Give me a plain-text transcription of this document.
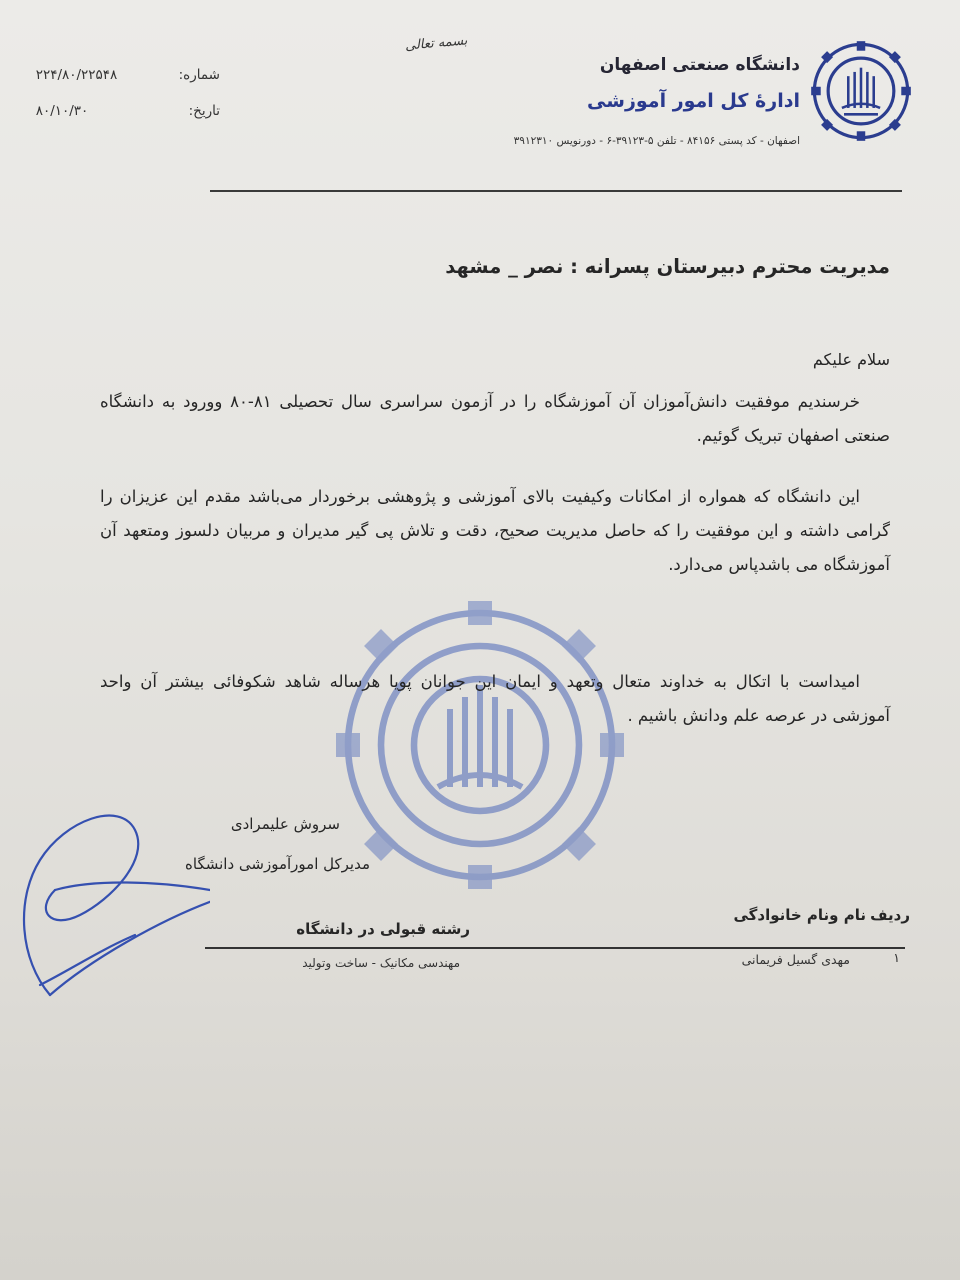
بسمه تعالی
دانشگاه صنعتی اصفهان
ادارهٔ کل امور آموزشی
اصفهان - کد پستی ۸۴۱۵۶ - تلفن ۵-۳۹۱۲۳-۶ - دورنویس ۳۹۱۲۳۱۰
شماره: ۲۲۴/۸۰/۲۲۵۴۸
تاریخ: ۸۰/۱۰/۳۰
مدیریت محترم دبیرستان پسرانه : نصر _ مشهد
سلام علیکم

خرسندیم موفقیت دانش‌آموزان آن آموزشگاه را در آزمون سراسری سال تحصیلی ۸۱-۸۰ وورود به دانشگاه صنعتی اصفهان تبریک گوئیم.

این دانشگاه که همواره از امکانات وکیفیت بالای آموزشی و پژوهشی برخوردار می‌باشد مقدم این عزیزان را گرامی داشته و این موفقیت را که حاصل مدیریت صحیح، دقت و تلاش پی گیر مدیران و مربیان دلسوز ومتعهد آن آموزشگاه می باشدپاس می‌دارد.

امیداست با اتکال به خداوند متعال وتعهد و ایمان این جوانان پویا هرساله شاهد شکوفائی بیشتر آن واحد آموزشی در عرصه علم ودانش باشیم .

سروش علیمرادی
مدیرکل امورآموزشی دانشگاه
ردیفنام ونام خانوادگی
رشته قبولی در دانشگاه
۱
مهدی گسیل فریمانی
مهندسی مکانیک - ساخت وتولید
